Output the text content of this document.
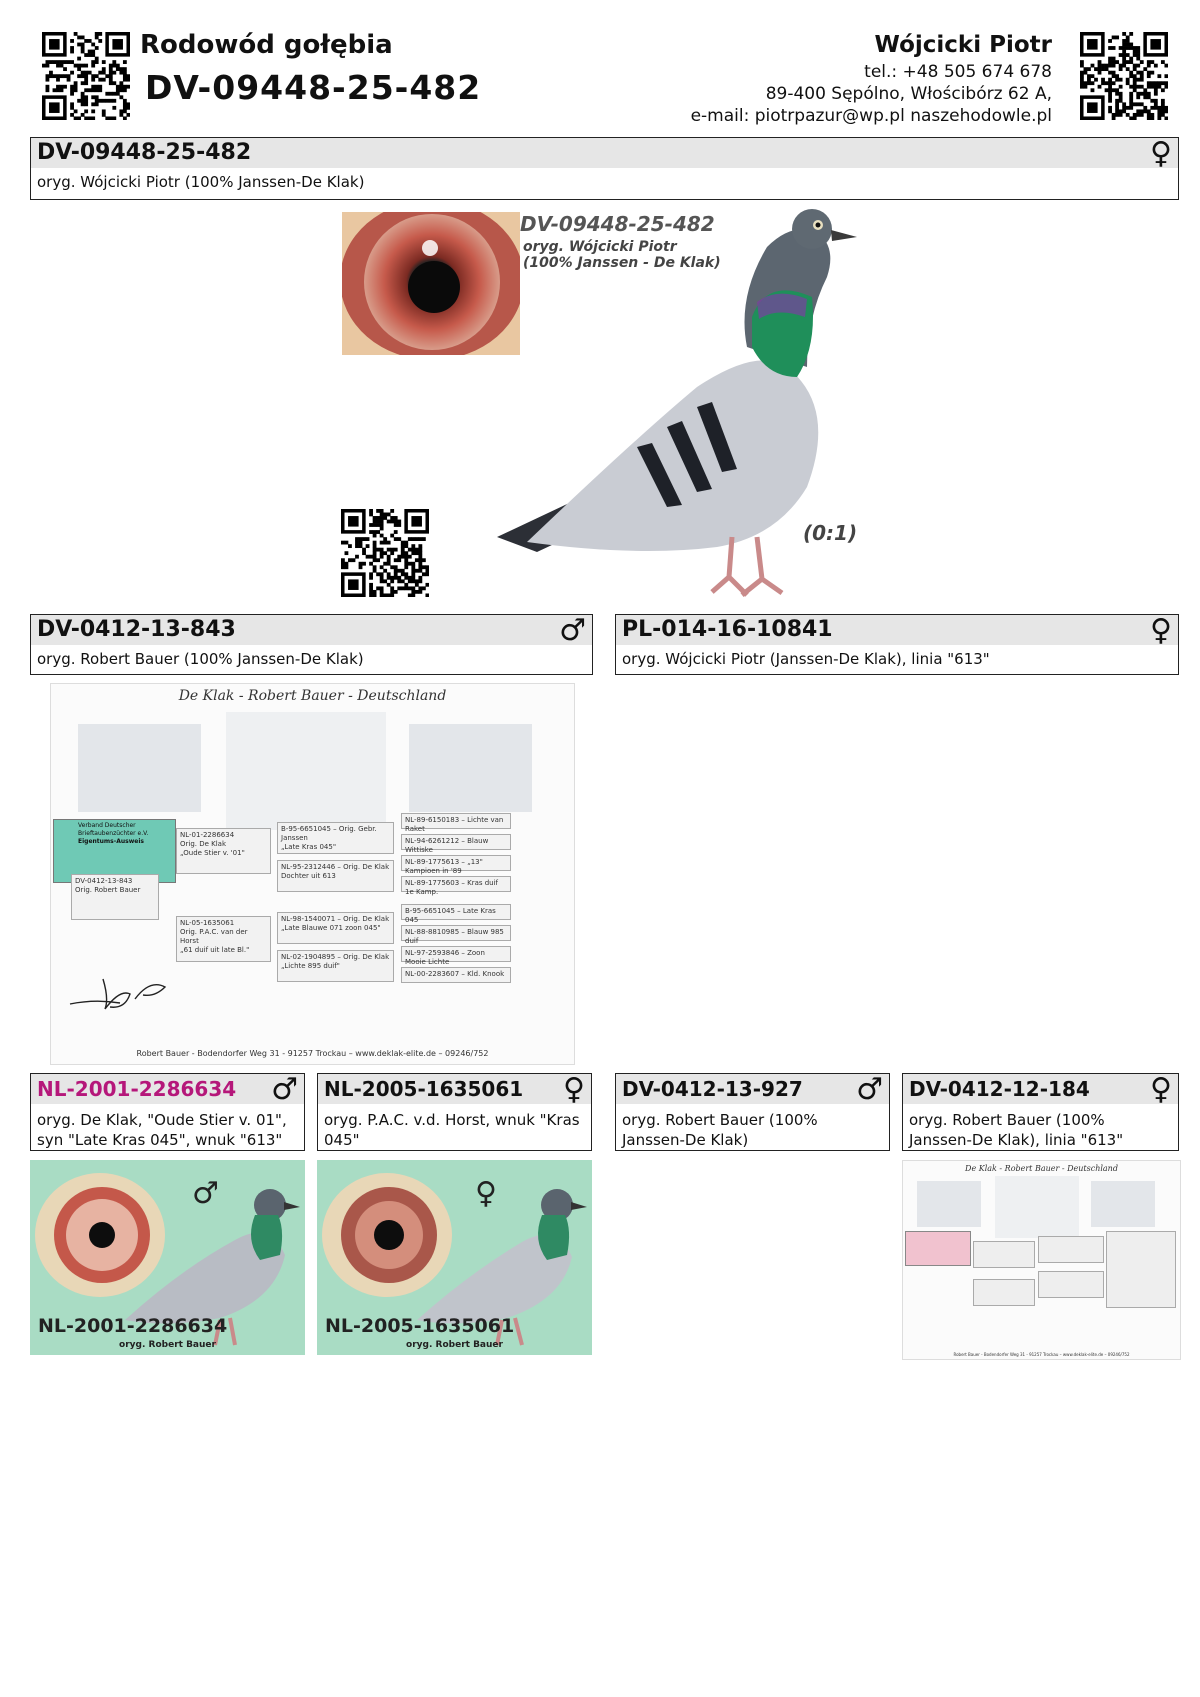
Rodowód gołębia
DV-09448-25-482
Wójcicki Piotr
tel.: +48 505 674 678
89-400 Sępólno, Włościbórz 62 A,
e-mail: piotrpazur@wp.pl naszehodowle.pl
DV-09448-25-482	♀
oryg. Wójcicki Piotr (100% Janssen-De Klak)
DV-09448-25-482
oryg. Wójcicki Piotr
(100% Janssen - De Klak)
(0:1)
DV-0412-13-843	♂
oryg. Robert Bauer (100% Janssen-De Klak)
PL-014-16-10841	♀
oryg. Wójcicki Piotr (Janssen-De Klak), linia "613"
De Klak - Robert Bauer - Deutschland
Verband Deutscher
Brieftaubenzüchter e.V.
Eigentums-Ausweis
NL-01-2286634
Orig. De Klak
„Oude Stier v. '01"
DV-0412-13-843
Orig. Robert Bauer
NL-05-1635061
Orig. P.A.C. van der Horst
„61 duif uit late Bl."
B-95-6651045 – Orig. Gebr. Janssen
„Late Kras 045"
NL-95-2312446 – Orig. De Klak
Dochter uit 613
NL-98-1540071 – Orig. De Klak
„Late Blauwe 071 zoon 045"
NL-02-1904895 – Orig. De Klak
„Lichte 895 duif"
NL-89-6150183 – Lichte van Raket
NL-94-6261212 – Blauw Wittiske
NL-89-1775613 – „13" Kampioen in '89
NL-89-1775603 – Kras duif 1e Kamp.
B-95-6651045 – Late Kras 045
NL-88-8810985 – Blauw 985 duif
NL-97-2593846 – Zoon Mooie Lichte
NL-00-2283607 – Kld. Knook
Robert Bauer - Bodendorfer Weg 31 - 91257 Trockau – www.deklak-elite.de – 09246/752
NL-2001-2286634	♂
oryg. De Klak, "Oude Stier v. 01", syn "Late Kras 045", wnuk "613"
NL-2005-1635061	♀
oryg. P.A.C. v.d. Horst, wnuk "Kras 045"
DV-0412-13-927	♂
oryg. Robert Bauer (100% Janssen-De Klak)
DV-0412-12-184	♀
oryg. Robert Bauer (100% Janssen-De Klak), linia "613"
♂
NL-2001-2286634
oryg. Robert Bauer
♀
NL-2005-1635061
oryg. Robert Bauer
De Klak - Robert Bauer - Deutschland
Robert Bauer - Bodendorfer Weg 31 - 91257 Trockau – www.deklak-elite.de – 09246/752
